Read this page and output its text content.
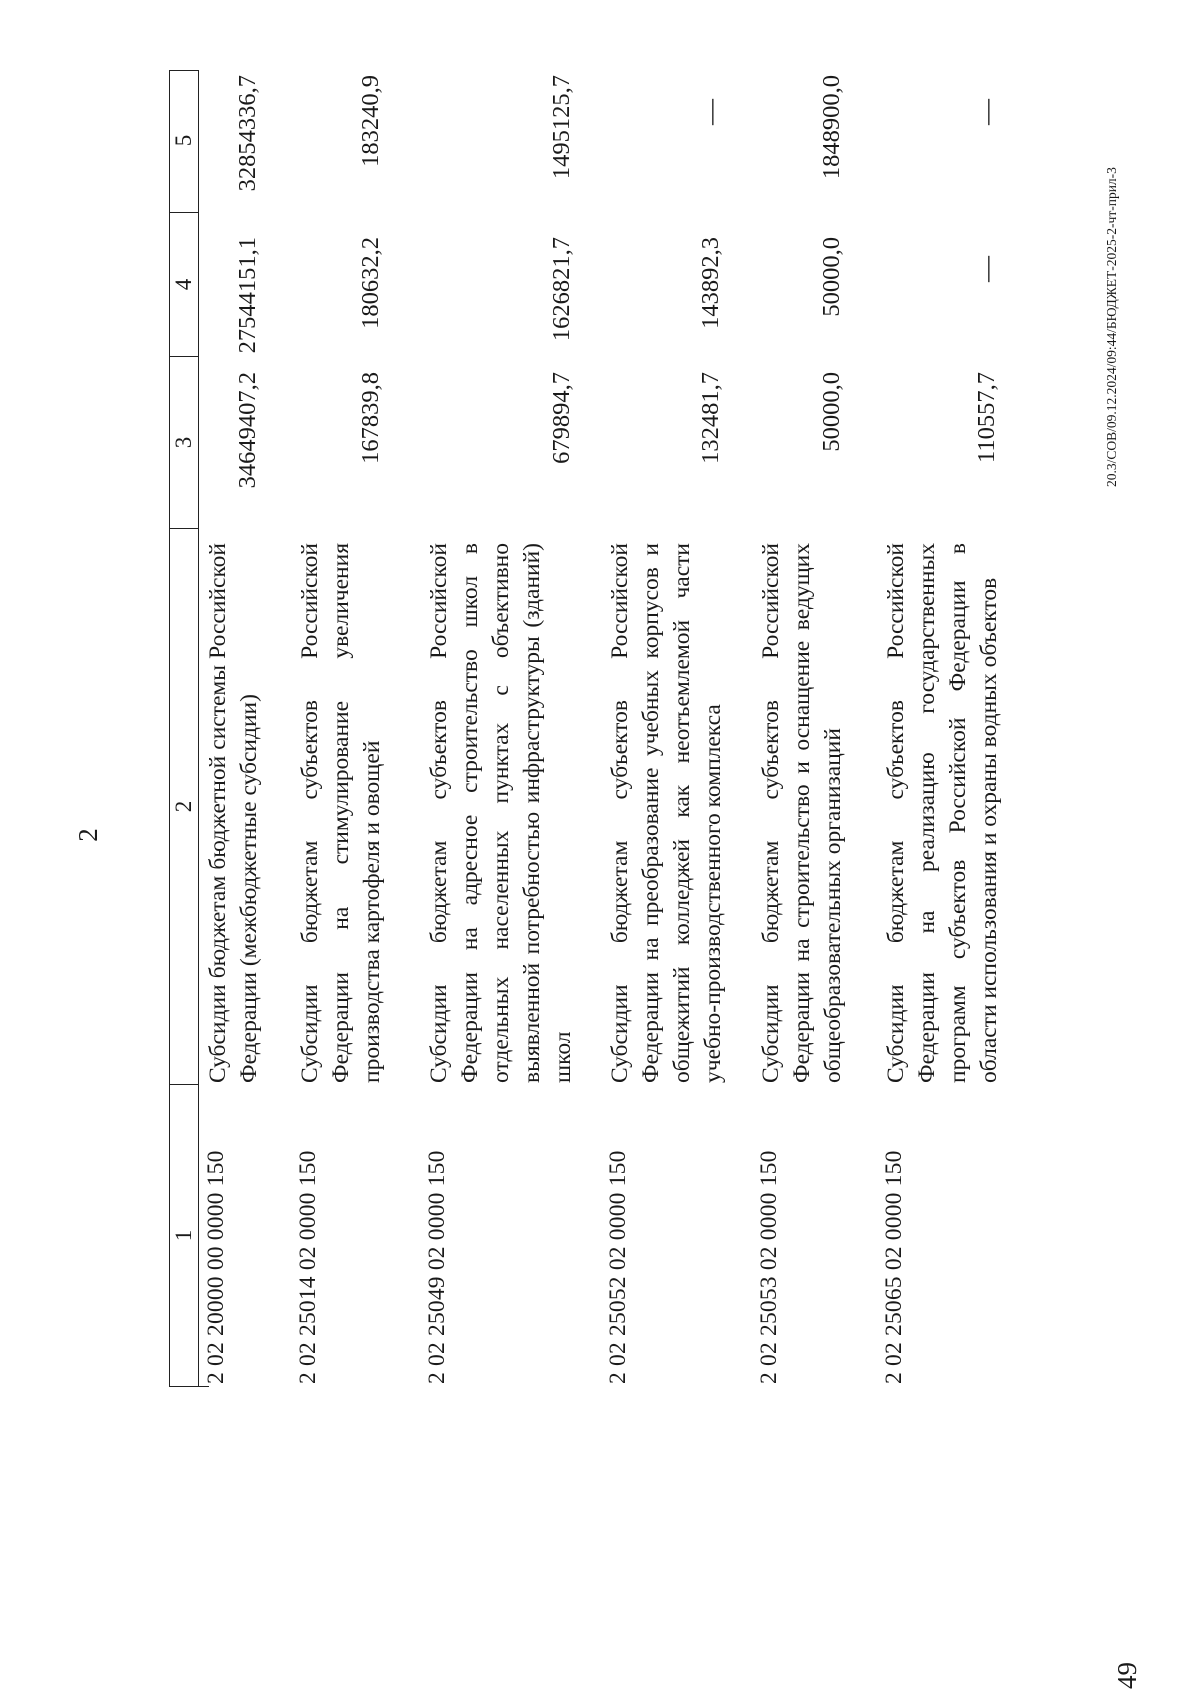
2
1
2
3
4
5
2 02 20000 00 0000 150
Субсидии бюджетам бюджетной системы Российской Федерации (межбюджетные субсидии)
34649407,2
27544151,1
32854336,7
2 02 25014 02 0000 150
Субсидии бюджетам субъектов Российской Федерации на стимулирование увеличения производства картофеля и овощей
167839,8
180632,2
183240,9
2 02 25049 02 0000 150
Субсидии бюджетам субъектов Российской Федерации на адресное строительство школ в отдельных населенных пунктах с объективно выявленной потребностью инфраструктуры (зданий) школ
679894,7
1626821,7
1495125,7
2 02 25052 02 0000 150
Субсидии бюджетам субъектов Российской Федерации на преобразование учебных корпусов и общежитий колледжей как неотъемлемой части учебно-производственного комплекса
132481,7
143892,3
—
2 02 25053 02 0000 150
Субсидии бюджетам субъектов Российской Федерации на строительство и оснащение ведущих общеобразовательных организаций
50000,0
50000,0
1848900,0
2 02 25065 02 0000 150
Субсидии бюджетам субъектов Российской Федерации на реализацию государственных программ субъектов Российской Федерации в области использования и охраны водных объектов
110557,7
—
—
20.3/СОВ/09.12.2024/09:44/БЮДЖЕТ-2025-2-чт-прил-3
49
